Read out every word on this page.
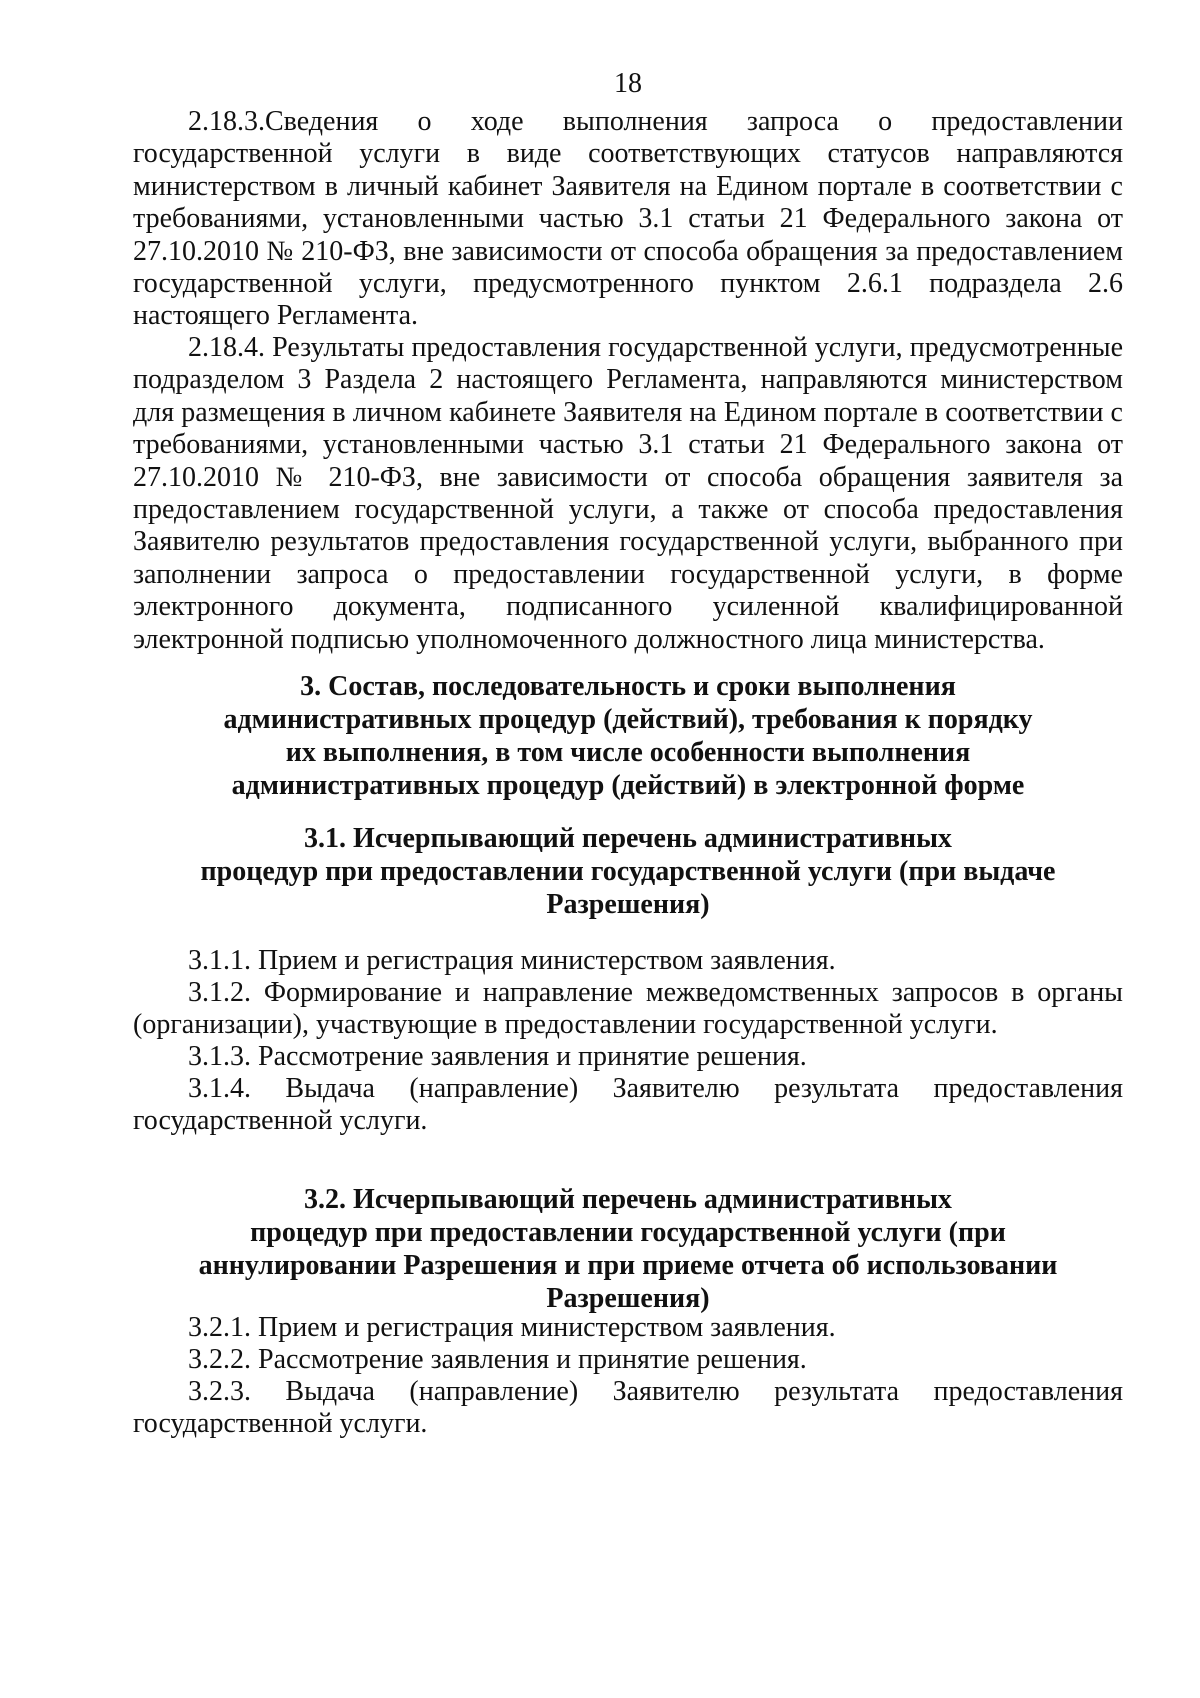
18

2.18.3.Сведения о ходе выполнения запроса о предоставлении государственной услуги в виде соответствующих статусов направляются министерством в личный кабинет Заявителя на Едином портале в соответствии с требованиями, установленными частью 3.1 статьи 21 Федерального закона от 27.10.2010 № 210-ФЗ, вне зависимости от способа обращения за предоставлением государственной услуги, предусмотренного пунктом 2.6.1 подраздела 2.6 настоящего Регламента.

2.18.4. Результаты предоставления государственной услуги, предусмотренные подразделом 3 Раздела 2 настоящего Регламента, направляются министерством для размещения в личном кабинете Заявителя на Едином портале в соответствии с требованиями, установленными частью 3.1 статьи 21 Федерального закона от 27.10.2010 № 210-ФЗ, вне зависимости от способа обращения заявителя за предоставлением государственной услуги, а также от способа предоставления Заявителю результатов предоставления государственной услуги, выбранного при заполнении запроса о предоставлении государственной услуги, в форме электронного документа, подписанного усиленной квалифицированной электронной подписью уполномоченного должностного лица министерства.

3. Состав, последовательность и сроки выполнения
административных процедур (действий), требования к порядку
их выполнения, в том числе особенности выполнения
административных процедур (действий) в электронной форме
3.1. Исчерпывающий перечень административных
процедур при предоставлении государственной услуги (при выдаче
Разрешения)

3.1.1. Прием и регистрация министерством заявления.

3.1.2. Формирование и направление межведомственных запросов в органы (организации), участвующие в предоставлении государственной услуги.

3.1.3. Рассмотрение заявления и принятие решения.

3.1.4. Выдача (направление) Заявителю результата предоставления государственной услуги.

3.2. Исчерпывающий перечень административных
процедур при предоставлении государственной услуги (при
аннулировании Разрешения и при приеме отчета об использовании
Разрешения)

3.2.1. Прием и регистрация министерством заявления.

3.2.2. Рассмотрение заявления и принятие решения.

3.2.3. Выдача (направление) Заявителю результата предоставления государственной услуги.
